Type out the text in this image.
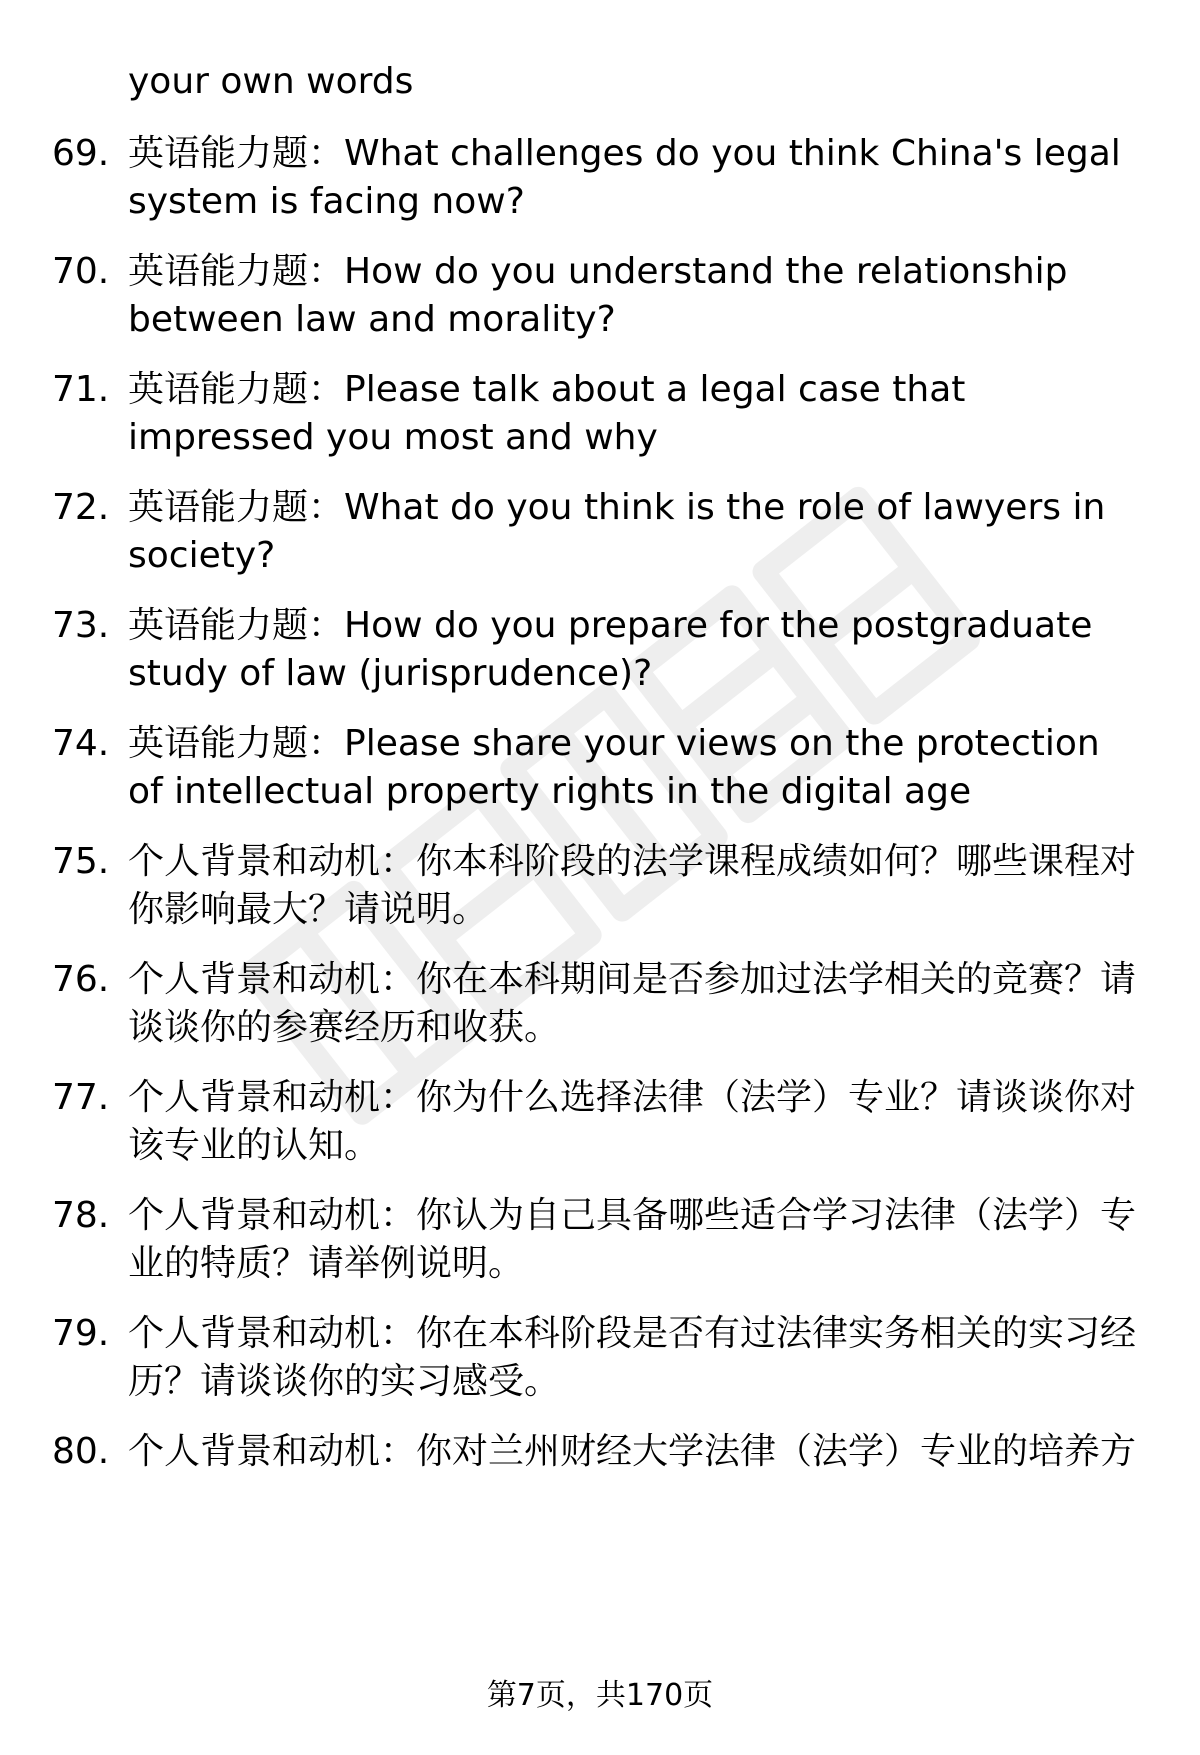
your own words
69. 英语能力题：What challenges do you think China's legal system is facing now?
70. 英语能力题：How do you understand the relationship between law and morality?
71. 英语能力题：Please talk about a legal case that impressed you most and why
72. 英语能力题：What do you think is the role of lawyers in society?
73. 英语能力题：How do you prepare for the postgraduate study of law (jurisprudence)?
74. 英语能力题：Please share your views on the protection of intellectual property rights in the digital age
75. 个人背景和动机：你本科阶段的法学课程成绩如何？哪些课程对你影响最大？请说明。
76. 个人背景和动机：你在本科期间是否参加过法学相关的竞赛？请谈谈你的参赛经历和收获。
77. 个人背景和动机：你为什么选择法律（法学）专业？请谈谈你对该专业的认知。
78. 个人背景和动机：你认为自己具备哪些适合学习法律（法学）专业的特质？请举例说明。
79. 个人背景和动机：你在本科阶段是否有过法律实务相关的实习经历？请谈谈你的实习感受。
80. 个人背景和动机：你对兰州财经大学法律（法学）专业的培养方
第7页，共170页
